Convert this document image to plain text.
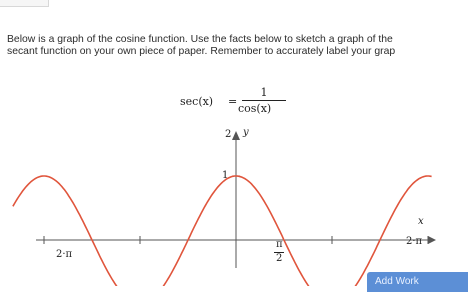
Below is a graph of the cosine function. Use the facts below to sketch a graph of the
secant function on your own piece of paper. Remember to accurately label your grap
sec(x) =
1
cos(x)
y
2
1
x
2·π
π
2
2·π
Add Work
